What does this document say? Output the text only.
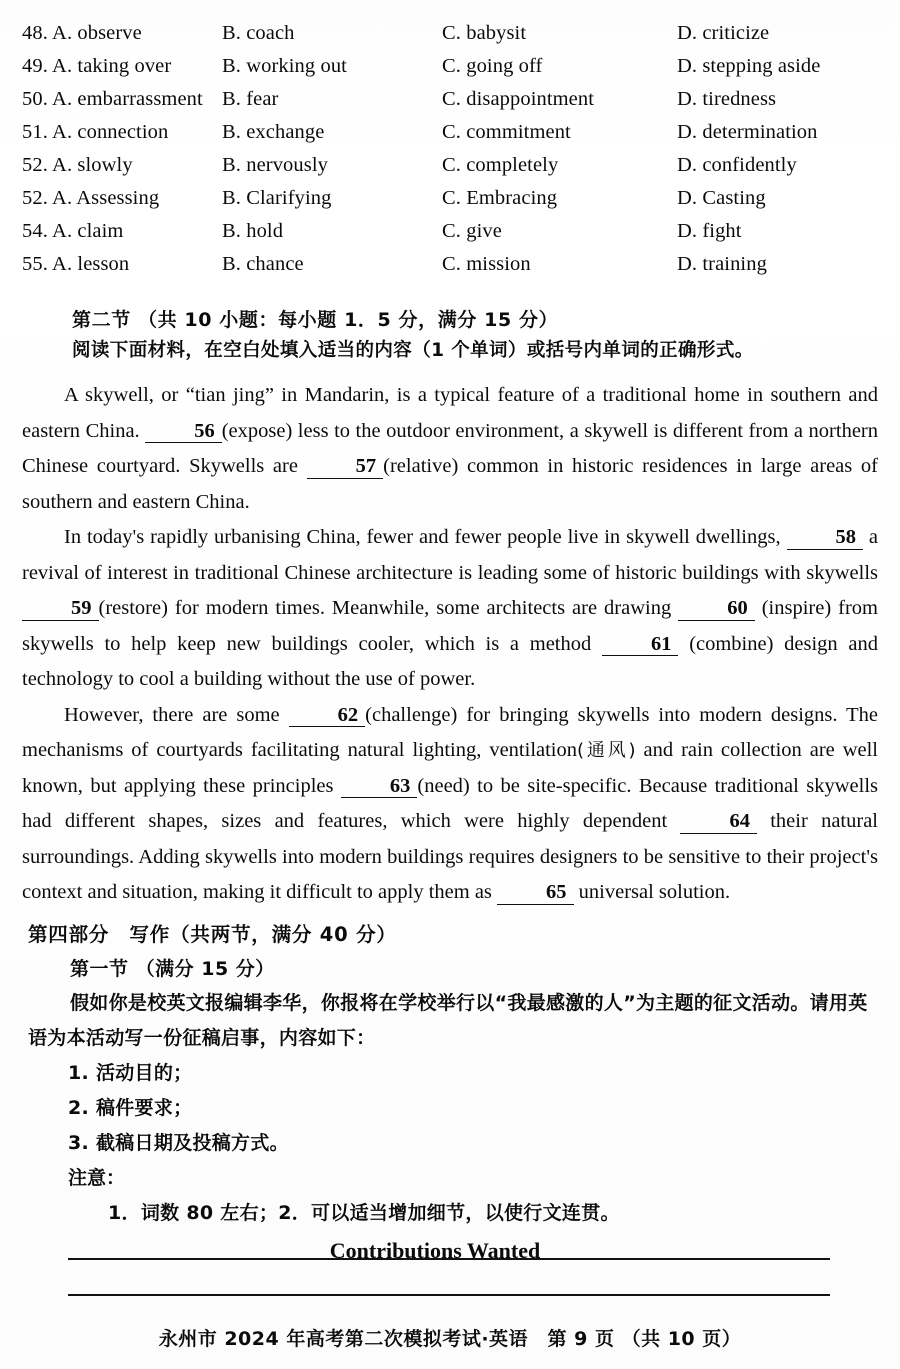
48. A. observe	B. coach	C. babysit	D. criticize
49. A. taking over	B. working out	C. going off	D. stepping aside
50. A. embarrassment B. fear	C. disappointment	D. tiredness
51. A. connection	B. exchange	C. commitment	D. determination
52. A. slowly	B. nervously	C. completely	D. confidently
52. A. Assessing	B. Clarifying	C. Embracing	D. Casting
54. A. claim	B. hold	C. give	D. fight
55. A. lesson	B. chance	C. mission	D. training
第二节 （共 10 小题：每小题 1．5 分，满分 15 分）
阅读下面材料，在空白处填入适当的内容（1 个单词）或括号内单词的正确形式。

A skywell, or “tian jing” in Mandarin, is a typical feature of a traditional home in southern and eastern China. 56 (expose) less to the outdoor environment, a skywell is different from a northern Chinese courtyard. Skywells are 57 (relative) common in historic residences in large areas of southern and eastern China.

In today's rapidly urbanising China, fewer and fewer people live in skywell dwellings, 58 a revival of interest in traditional Chinese architecture is leading some of historic buildings with skywells 59 (restore) for modern times. Meanwhile, some architects are drawing 60 (inspire) from skywells to help keep new buildings cooler, which is a method 61 (combine) design and technology to cool a building without the use of power.

However, there are some 62 (challenge) for bringing skywells into modern designs. The mechanisms of courtyards facilitating natural lighting, ventilation(通风) and rain collection are well known, but applying these principles 63 (need) to be site-specific. Because traditional skywells had different shapes, sizes and features, which were highly dependent 64 their natural surroundings. Adding skywells into modern buildings requires designers to be sensitive to their project's context and situation, making it difficult to apply them as 65 universal solution.

第四部分　写作（共两节，满分 40 分）
第一节 （满分 15 分）
假如你是校英文报编辑李华，你报将在学校举行以“我最感激的人”为主题的征文活动。请用英语为本活动写一份征稿启事，内容如下：
1. 活动目的；
2. 稿件要求；
3. 截稿日期及投稿方式。
注意：
1．词数 80 左右；2．可以适当增加细节，以使行文连贯。
Contributions Wanted
永州市 2024 年高考第二次模拟考试·英语　第 9 页 （共 10 页）
